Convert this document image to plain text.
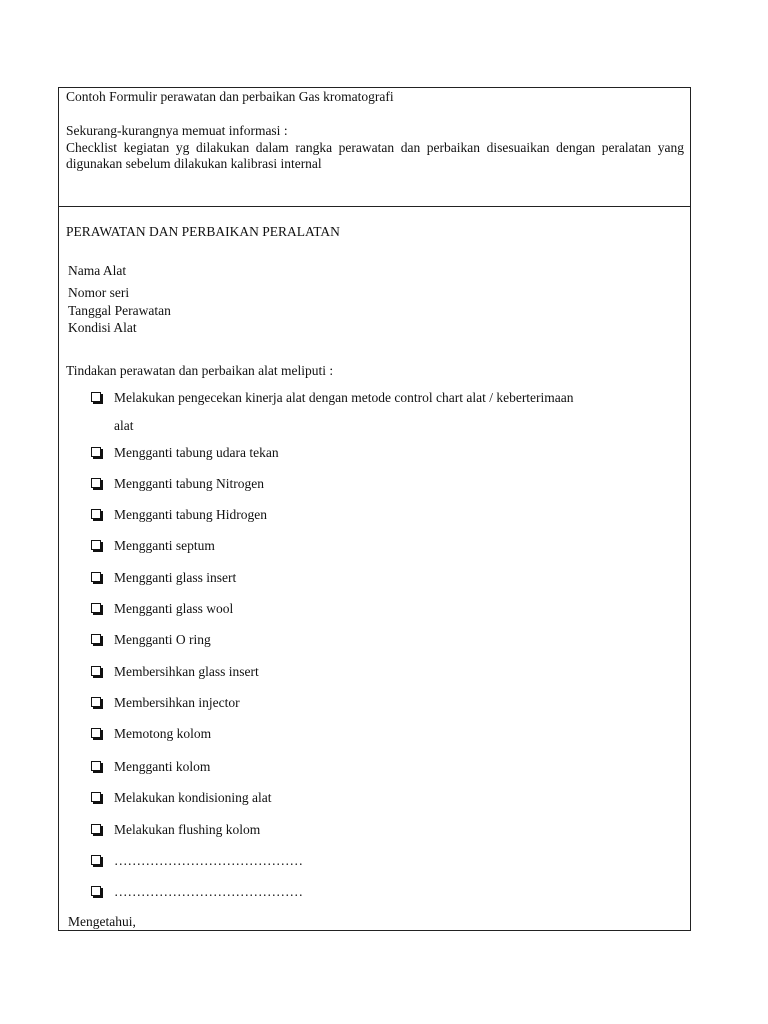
Contoh Formulir perawatan dan perbaikan Gas kromatografi
Sekurang-kurangnya memuat informasi :
Checklist kegiatan yg dilakukan dalam rangka perawatan dan perbaikan disesuaikan dengan peralatan yang digunakan sebelum dilakukan kalibrasi internal
PERAWATAN DAN PERBAIKAN PERALATAN
Nama Alat
Nomor seri
Tanggal Perawatan
Kondisi Alat
Tindakan perawatan dan perbaikan alat meliputi :
Melakukan pengecekan kinerja alat dengan metode control chart alat / keberterimaan
alat
Mengganti tabung udara tekan
Mengganti tabung Nitrogen
Mengganti tabung Hidrogen
Mengganti septum
Mengganti glass insert
Mengganti glass wool
Mengganti O ring
Membersihkan glass insert
Membersihkan injector
Memotong kolom
Mengganti kolom
Melakukan kondisioning alat
Melakukan flushing kolom
……………………………………
……………………………………
Mengetahui,
